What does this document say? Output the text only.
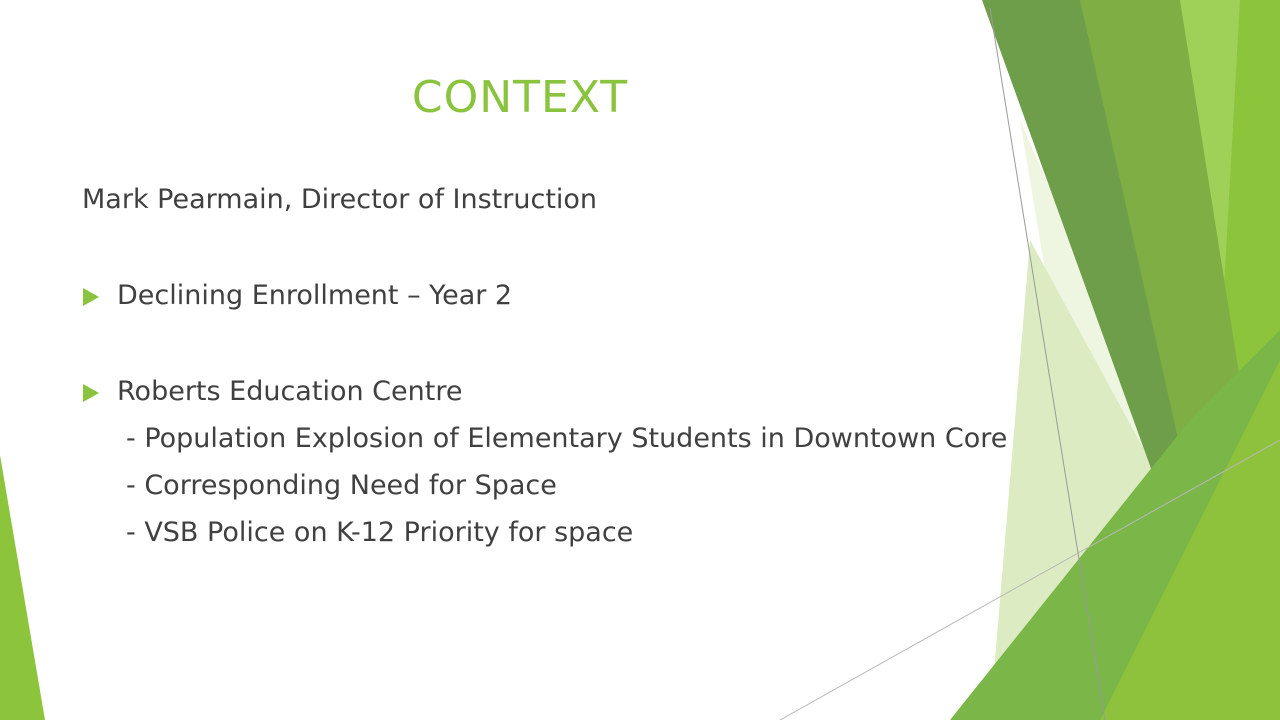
CONTEXT

Mark Pearmain, Director of Instruction

Declining Enrollment – Year 2
Roberts Education Centre
- Population Explosion of Elementary Students in Downtown Core
- Corresponding Need for Space
- VSB Police on K-12 Priority for space
